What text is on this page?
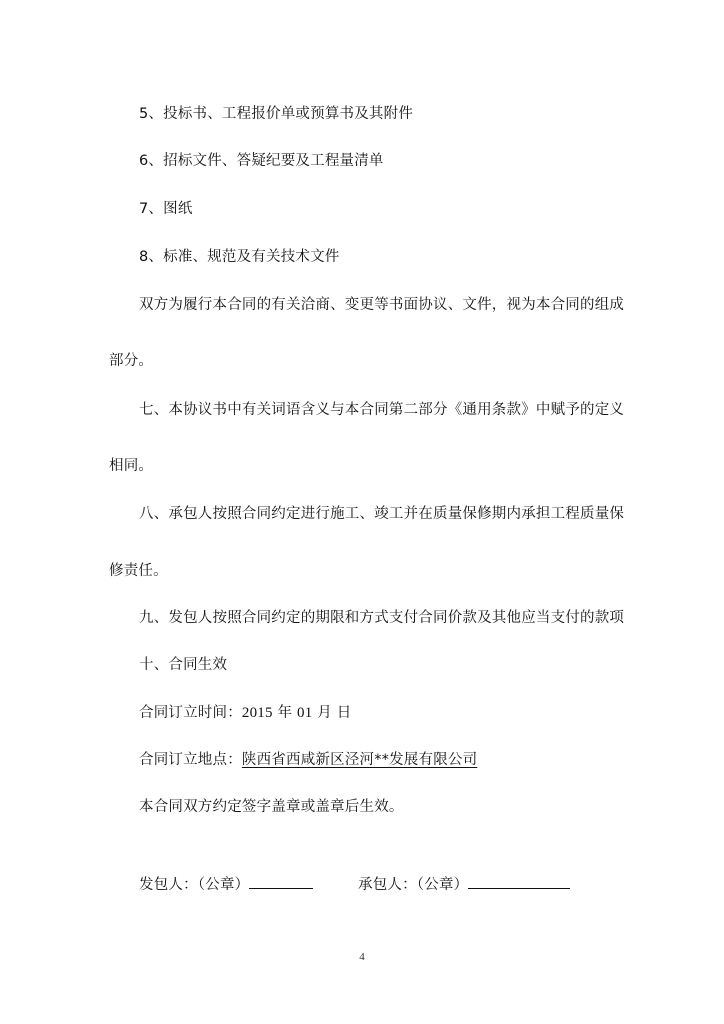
5、投标书、工程报价单或预算书及其附件
6、招标文件、答疑纪要及工程量清单
7、图纸
8、标准、规范及有关技术文件
双方为履行本合同的有关洽商、变更等书面协议、文件，视为本合同的组成
部分。
七、本协议书中有关词语含义与本合同第二部分《通用条款》中赋予的定义
相同。
八、承包人按照合同约定进行施工、竣工并在质量保修期内承担工程质量保
修责任。
九、发包人按照合同约定的期限和方式支付合同价款及其他应当支付的款项
十、合同生效
合同订立时间：2015 年 01 月 日
合同订立地点：陕西省西咸新区泾河**发展有限公司
本合同双方约定签字盖章或盖章后生效。
发包人：（公章）	承包人：（公章）
4
